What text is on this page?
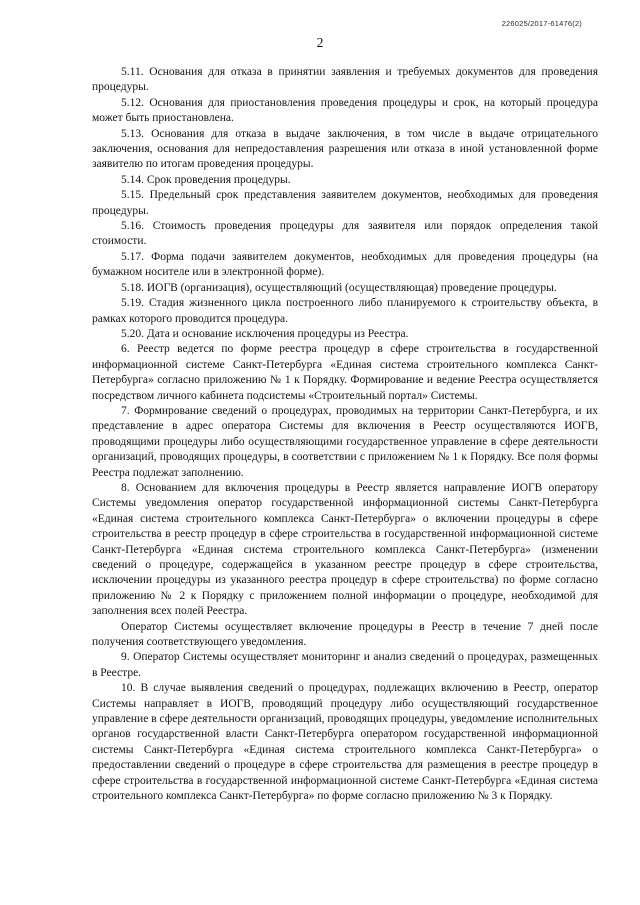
226025/2017-61476(2)
2

5.11. Основания для отказа в принятии заявления и требуемых документов для проведения процедуры.

5.12. Основания для приостановления проведения процедуры и срок, на который процедура может быть приостановлена.

5.13. Основания для отказа в выдаче заключения, в том числе в выдаче отрицательного заключения, основания для непредоставления разрешения или отказа в иной установленной форме заявителю по итогам проведения процедуры.

5.14. Срок проведения процедуры.

5.15. Предельный срок представления заявителем документов, необходимых для проведения процедуры.

5.16. Стоимость проведения процедуры для заявителя или порядок определения такой стоимости.

5.17. Форма подачи заявителем документов, необходимых для проведения процедуры (на бумажном носителе или в электронной форме).

5.18. ИОГВ (организация), осуществляющий (осуществляющая) проведение процедуры.

5.19. Стадия жизненного цикла построенного либо планируемого к строительству объекта, в рамках которого проводится процедура.

5.20. Дата и основание исключения процедуры из Реестра.

6. Реестр ведется по форме реестра процедур в сфере строительства в государственной информационной системе Санкт-Петербурга «Единая система строительного комплекса Санкт-Петербурга» согласно приложению № 1 к Порядку. Формирование и ведение Реестра осуществляется посредством личного кабинета подсистемы «Строительный портал» Системы.

7. Формирование сведений о процедурах, проводимых на территории Санкт-Петербурга, и их представление в адрес оператора Системы для включения в Реестр осуществляются ИОГВ, проводящими процедуры либо осуществляющими государственное управление в сфере деятельности организаций, проводящих процедуры, в соответствии с приложением № 1 к Порядку. Все поля формы Реестра подлежат заполнению.

8. Основанием для включения процедуры в Реестр является направление ИОГВ оператору Системы уведомления оператор государственной информационной системы Санкт-Петербурга «Единая система строительного комплекса Санкт-Петербурга» о включении процедуры в сфере строительства в реестр процедур в сфере строительства в государственной информационной системе Санкт-Петербурга «Единая система строительного комплекса Санкт-Петербурга» (изменении сведений о процедуре, содержащейся в указанном реестре процедур в сфере строительства, исключении процедуры из указанного реестра процедур в сфере строительства) по форме согласно приложению № 2 к Порядку с приложением полной информации о процедуре, необходимой для заполнения всех полей Реестра.

Оператор Системы осуществляет включение процедуры в Реестр в течение 7 дней после получения соответствующего уведомления.

9. Оператор Системы осуществляет мониторинг и анализ сведений о процедурах, размещенных в Реестре.

10. В случае выявления сведений о процедурах, подлежащих включению в Реестр, оператор Системы направляет в ИОГВ, проводящий процедуру либо осуществляющий государственное управление в сфере деятельности организаций, проводящих процедуры, уведомление исполнительных органов государственной власти Санкт-Петербурга оператором государственной информационной системы Санкт-Петербурга «Единая система строительного комплекса Санкт-Петербурга» о предоставлении сведений о процедуре в сфере строительства для размещения в реестре процедур в сфере строительства в государственной информационной системе Санкт-Петербурга «Единая система строительного комплекса Санкт-Петербурга» по форме согласно приложению № 3 к Порядку.
